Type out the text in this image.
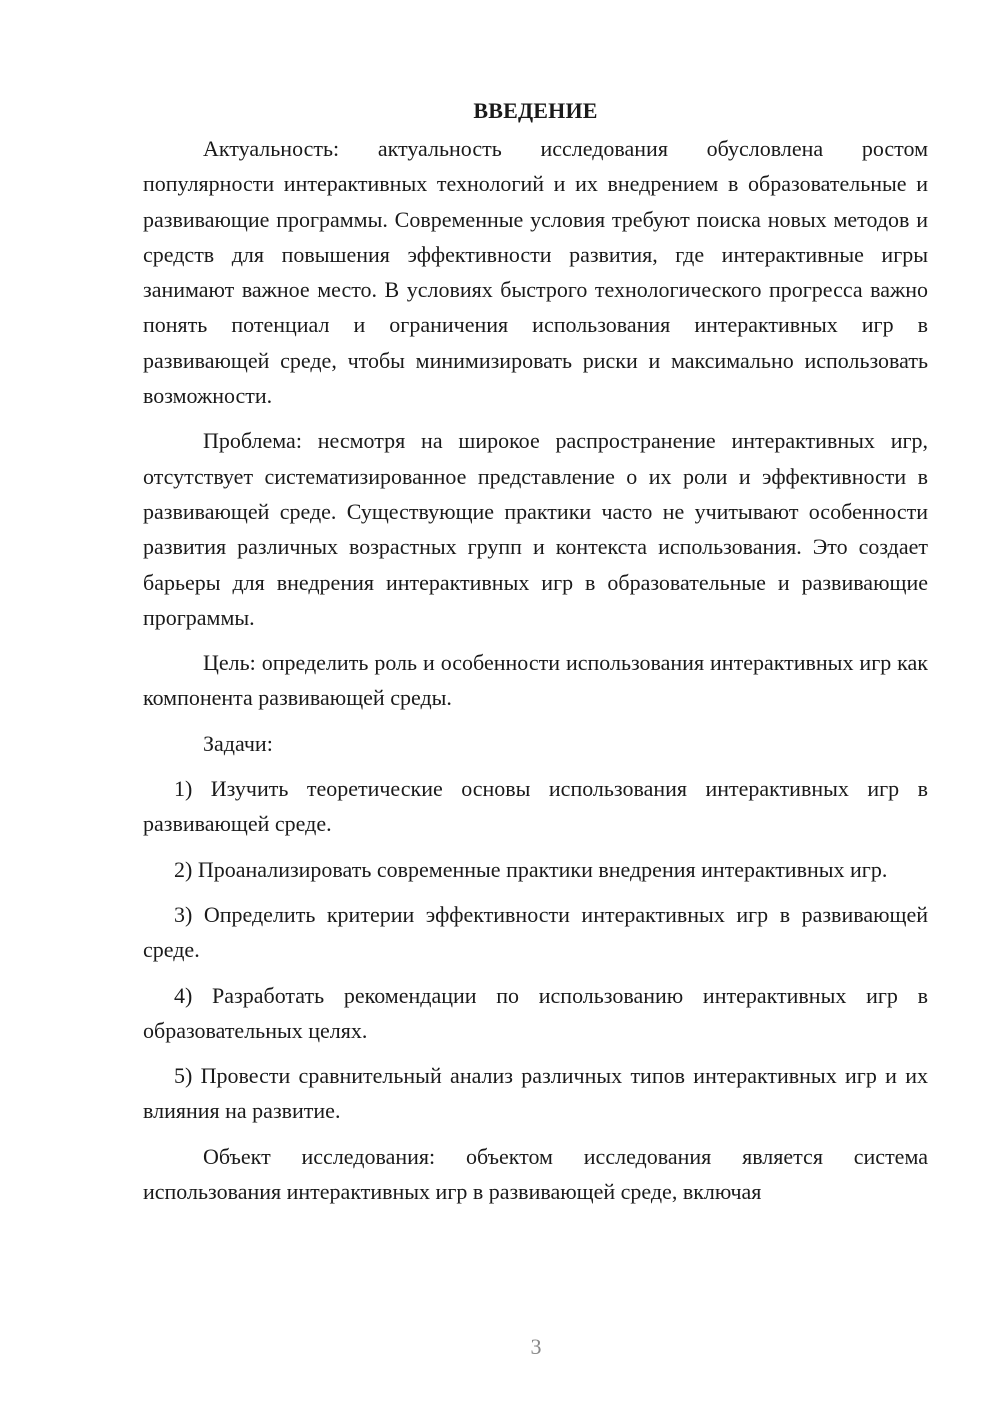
ВВЕДЕНИЕ

Актуальность: актуальность исследования обусловлена ростом популярности интерактивных технологий и их внедрением в образовательные и развивающие программы. Современные условия требуют поиска новых методов и средств для повышения эффективности развития, где интерактивные игры занимают важное место. В условиях быстрого технологического прогресса важно понять потенциал и ограничения использования интерактивных игр в развивающей среде, чтобы минимизировать риски и максимально использовать возможности.

Проблема: несмотря на широкое распространение интерактивных игр, отсутствует систематизированное представление о их роли и эффективности в развивающей среде. Существующие практики часто не учитывают особенности развития различных возрастных групп и контекста использования. Это создает барьеры для внедрения интерактивных игр в образовательные и развивающие программы.

Цель: определить роль и особенности использования интерактивных игр как компонента развивающей среды.

Задачи:

1) Изучить теоретические основы использования интерактивных игр в развивающей среде.

2) Проанализировать современные практики внедрения интерактивных игр.

3) Определить критерии эффективности интерактивных игр в развивающей среде.

4) Разработать рекомендации по использованию интерактивных игр в образовательных целях.

5) Провести сравнительный анализ различных типов интерактивных игр и их влияния на развитие.

Объект исследования: объектом исследования является система использования интерактивных игр в развивающей среде, включая

3
